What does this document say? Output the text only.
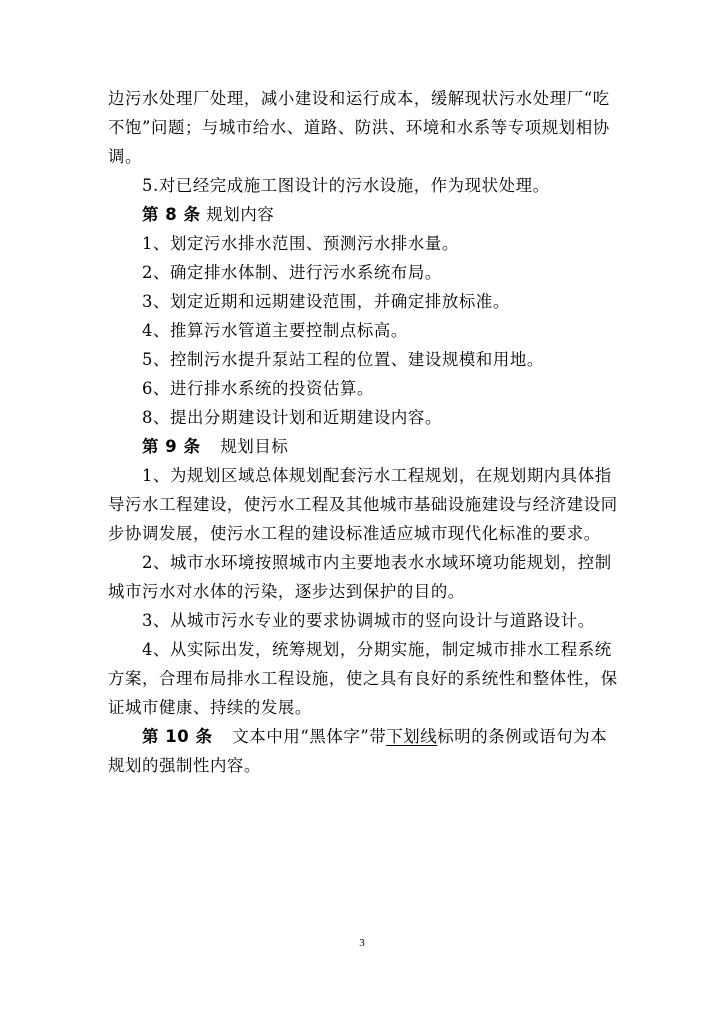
边污水处理厂处理，减小建设和运行成本，缓解现状污水处理厂“吃
不饱”问题；与城市给水、道路、防洪、环境和水系等专项规划相协
调。
5.对已经完成施工图设计的污水设施，作为现状处理。
第 8 条 规划内容
1、划定污水排水范围、预测污水排水量。
2、确定排水体制、进行污水系统布局。
3、划定近期和远期建设范围，并确定排放标准。
4、推算污水管道主要控制点标高。
5、控制污水提升泵站工程的位置、建设规模和用地。
6、进行排水系统的投资估算。
8、提出分期建设计划和近期建设内容。
第 9 条 规划目标
1、为规划区域总体规划配套污水工程规划，在规划期内具体指
导污水工程建设，使污水工程及其他城市基础设施建设与经济建设同
步协调发展，使污水工程的建设标准适应城市现代化标准的要求。
2、城市水环境按照城市内主要地表水水域环境功能规划，控制
城市污水对水体的污染，逐步达到保护的目的。
3、从城市污水专业的要求协调城市的竖向设计与道路设计。
4、从实际出发，统筹规划，分期实施，制定城市排水工程系统
方案，合理布局排水工程设施，使之具有良好的系统性和整体性，保
证城市健康、持续的发展。
第 10 条 文本中用“黑体字”带下划线标明的条例或语句为本
规划的强制性内容。
3
